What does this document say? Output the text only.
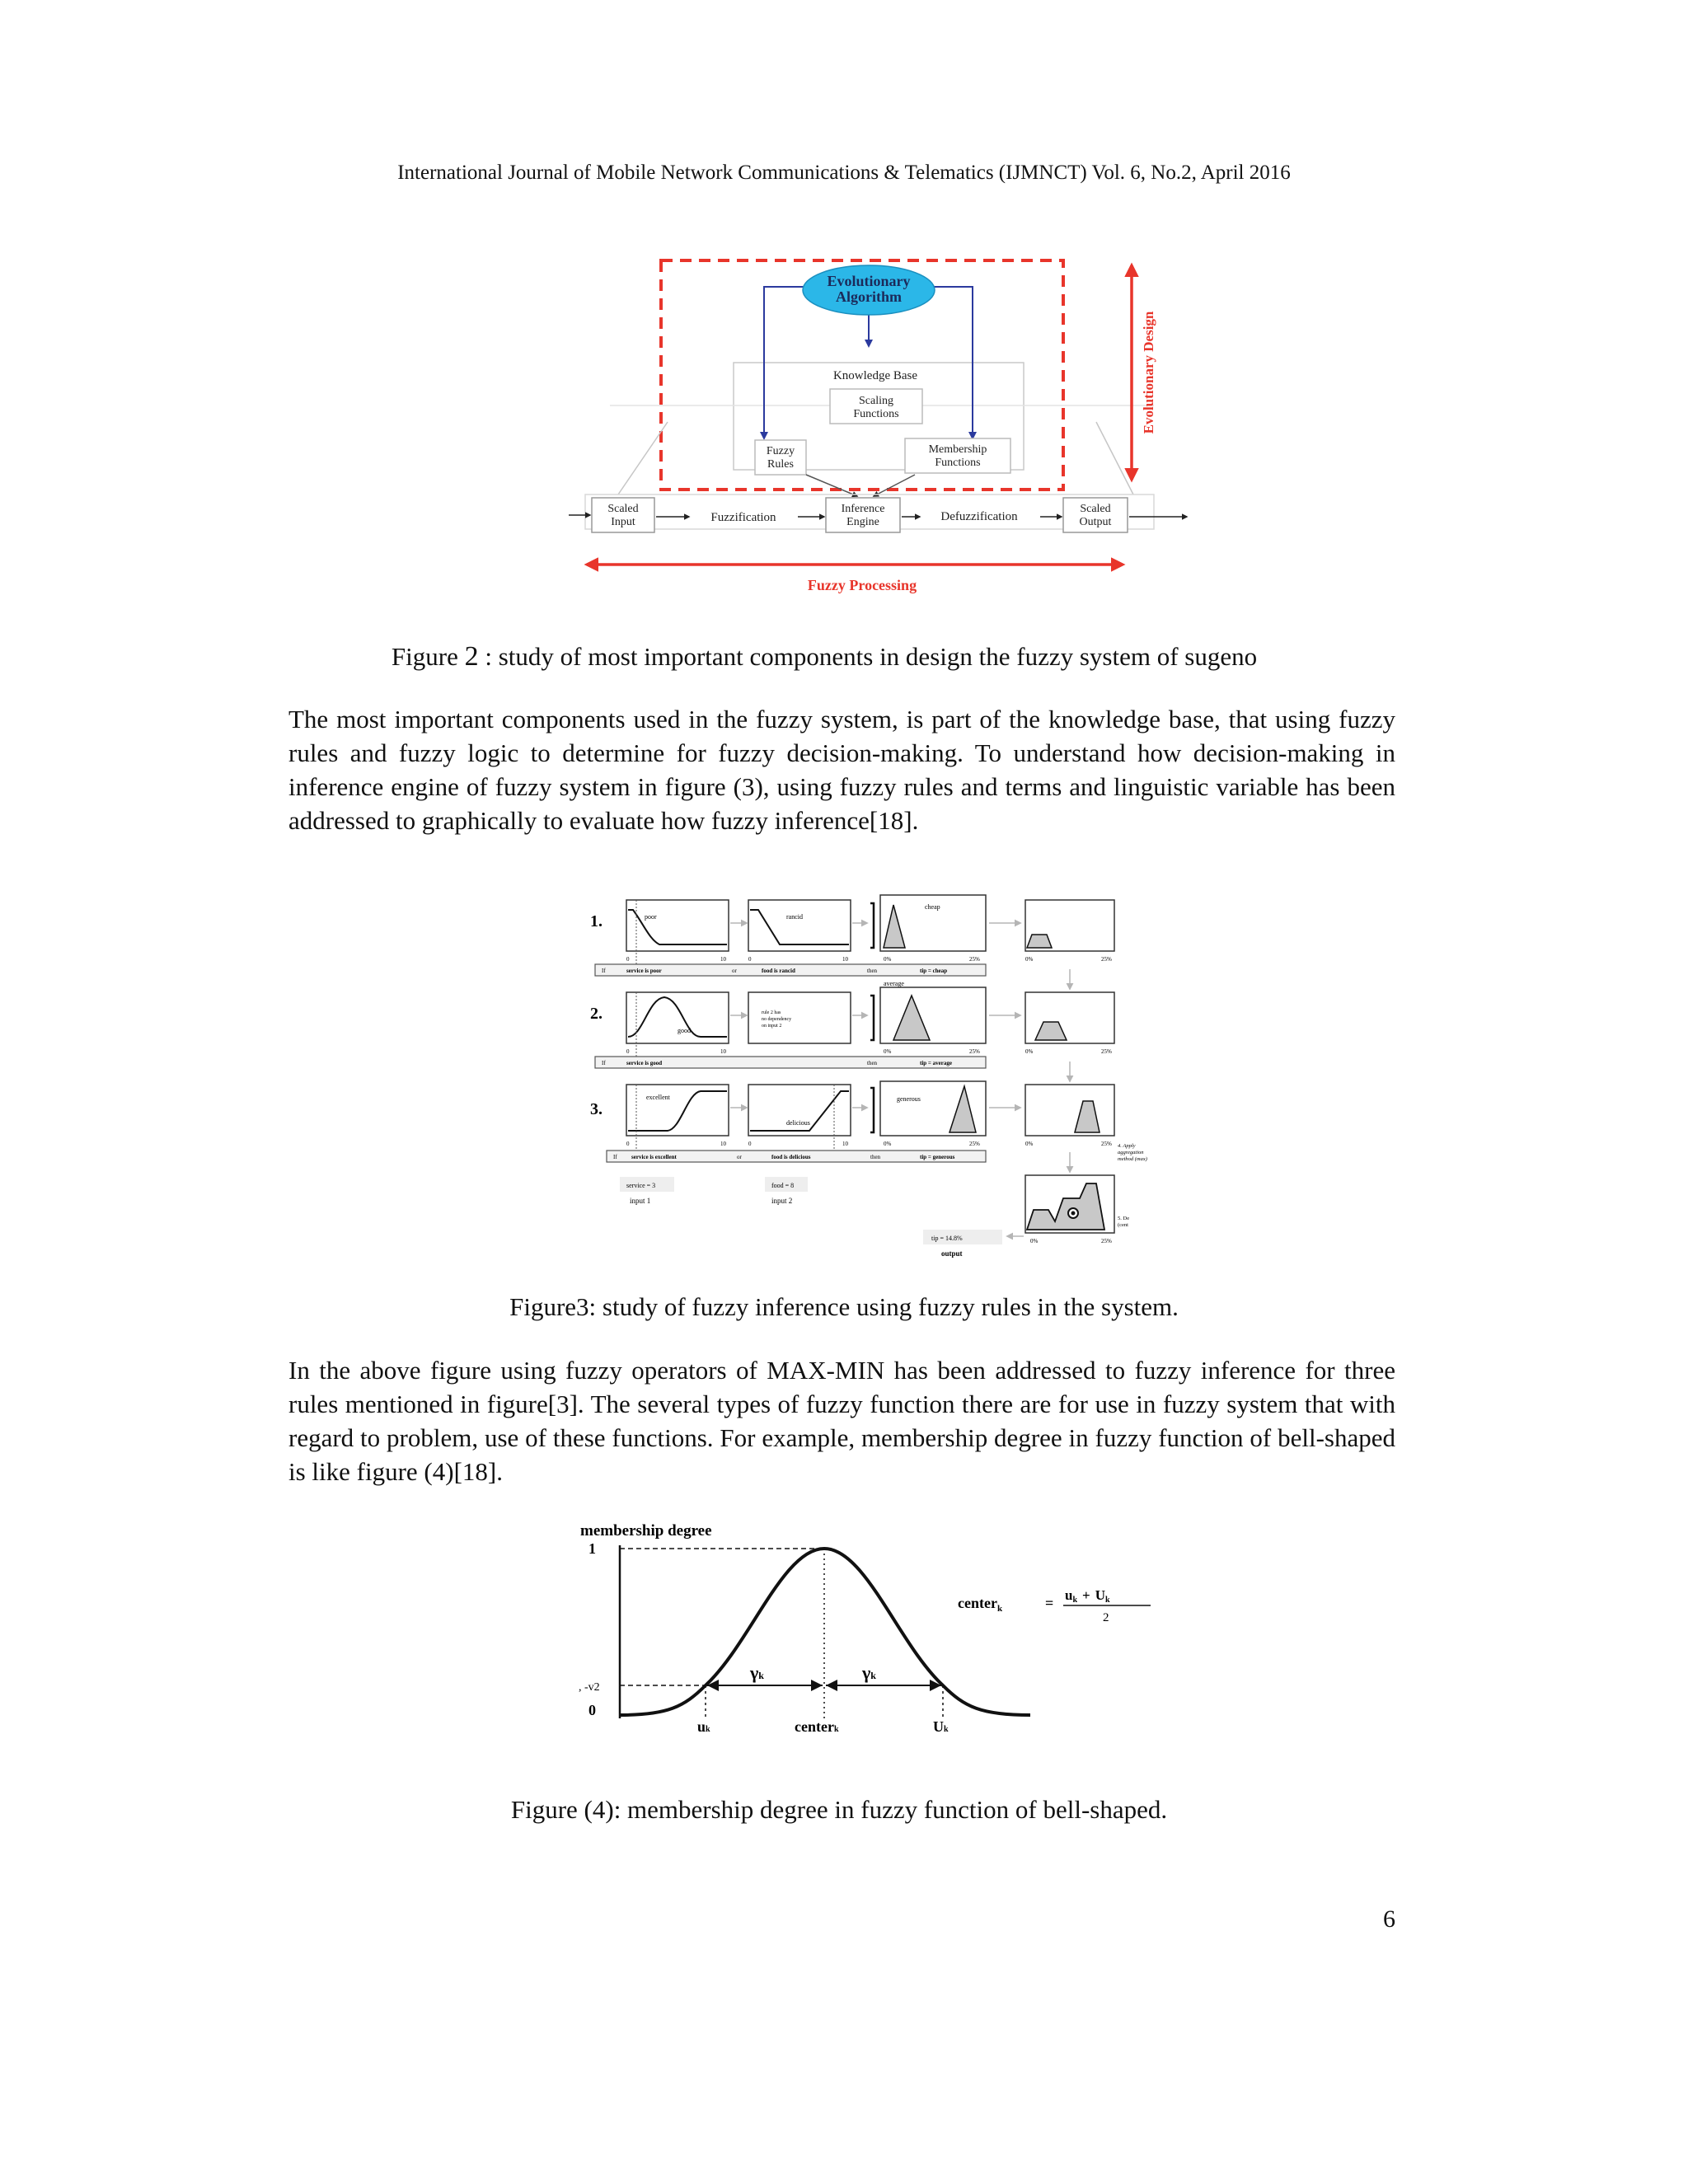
International Journal of Mobile Network Communications & Telematics (IJMNCT) Vol. 6, No.2, April 2016
Evolutionary
Algorithm
Knowledge Base
Scaling
Functions
Fuzzy
Rules
Membership
Functions
Scaled
Input	Fuzzification
Inference
Engine	Defuzzification
Scaled
Output
Evolutionary Design
Fuzzy Processing
Figure 2 : study of most important components in design the fuzzy system of sugeno

The most important components used in the fuzzy system, is part of the knowledge base, that using fuzzy rules and fuzzy logic to determine for fuzzy decision-making. To understand how decision-making in inference engine of fuzzy system in figure (3), using fuzzy rules and terms and linguistic variable has been addressed to graphically to evaluate how fuzzy inference[18].

1.	poor	rancid
cheap
0	10	0	10	0%	25%	0%	25%
If	service is poor	or	food is rancid	then	tip = cheap
2.
good
rule 2 has
no dependency
on input 2
average
0	10	0%	25%	0%	25%
If	service is good	then	tip = average
3.
excellent
delicious
generous
0	10	0	10	0%	25%	0%	25%
If service is excellent	or	food is delicious	then	tip = generous
4. Apply
aggregation
method (max)
service = 3
input 1
food = 8
input 2
0%	25%
5. De
(cent
tip = 14.8%
output
Figure3: study of fuzzy inference using fuzzy rules in the system.

In the above figure using fuzzy operators of MAX-MIN has been addressed to fuzzy inference for three rules mentioned in figure[3]. The several types of fuzzy function there are for use in fuzzy system that with regard to problem, use of these functions. For example, membership degree in fuzzy function of bell-shaped is like figure (4)[18].

membership degree
1
, -v2
0
γk	γk
uk	centerk	Uk
center$_k$	= uk + Uk
2
Figure (4): membership degree in fuzzy function of bell-shaped.
6
